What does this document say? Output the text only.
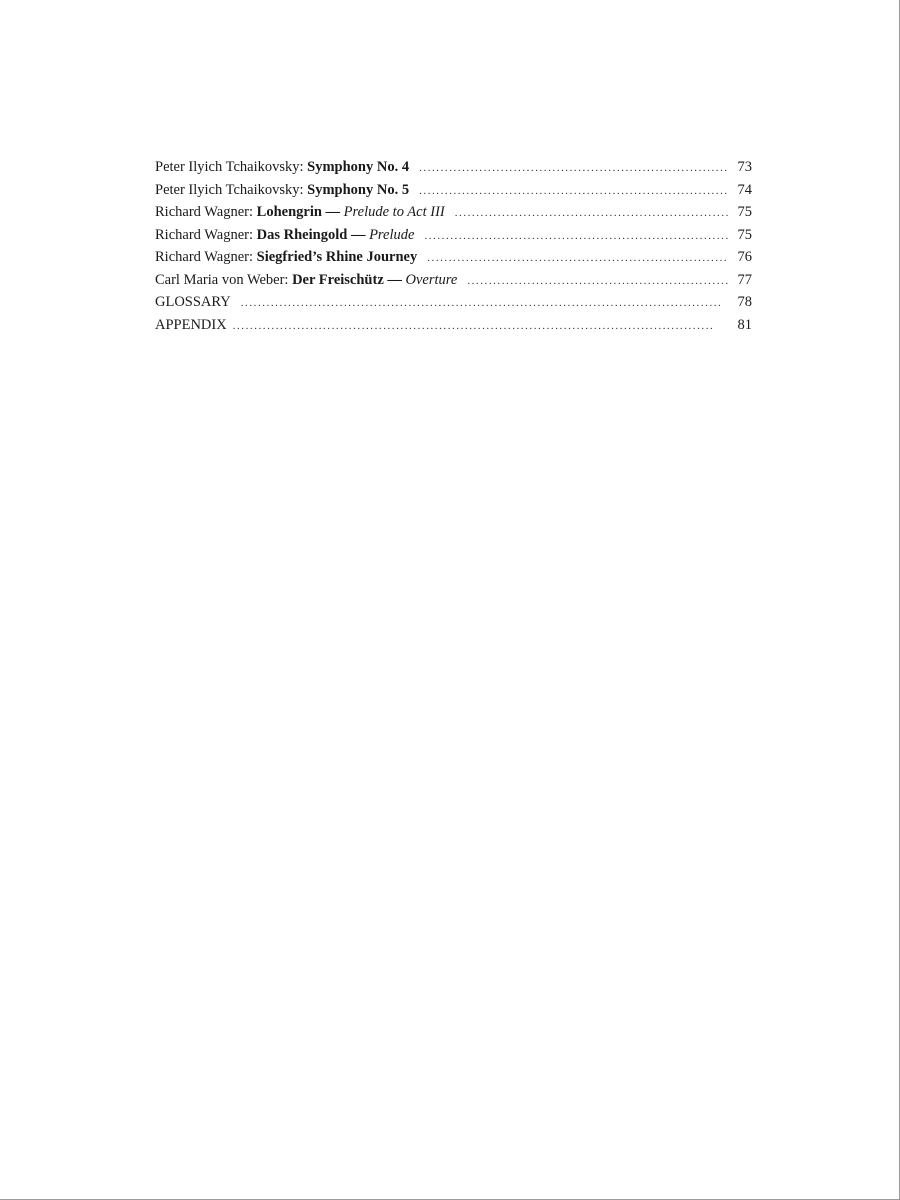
Peter Ilyich Tchaikovsky: Symphony No. 4 . . .	73
Peter Ilyich Tchaikovsky: Symphony No. 5 . . .	74
Richard Wagner: Lohengrin — Prelude to Act III . . .	75
Richard Wagner: Das Rheingold — Prelude . . .	75
Richard Wagner: Siegfried’s Rhine Journey . . .	76
Carl Maria von Weber: Der Freischütz — Overture . . .	77
GLOSSARY . . .	78
APPENDIX . . .	81
